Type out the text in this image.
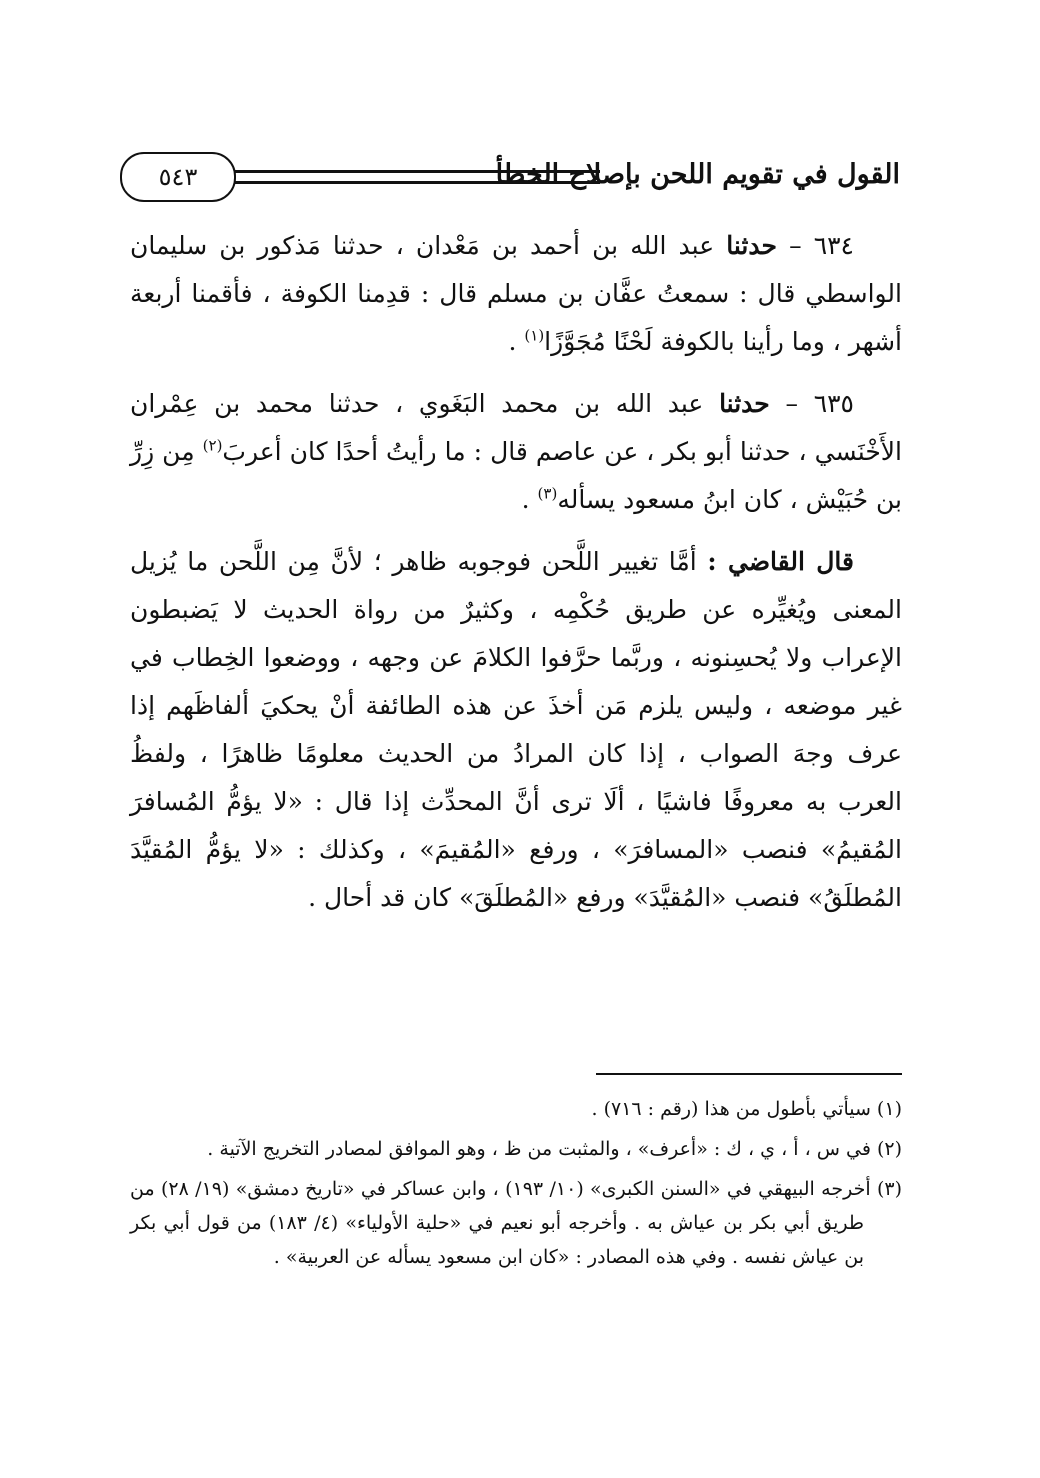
القول في تقويم اللحن بإصلاح الخطأ
٥٤٣

٦٣٤ – حدثنا عبد الله بن أحمد بن مَعْدان ، حدثنا مَذكور بن سليمان الواسطي قال : سمعتُ عفَّان بن مسلم قال : قدِمنا الكوفة ، فأقمنا أربعة أشهر ، وما رأينا بالكوفة لَحْنًا مُجَوَّزًا$^{(١)}$ .

٦٣٥ – حدثنا عبد الله بن محمد البَغَوي ، حدثنا محمد بن عِمْران الأَخْنَسي ، حدثنا أبو بكر ، عن عاصم قال : ما رأيتُ أحدًا كان أعربَ$^{(٢)}$ مِن زِرِّ بن حُبَيْش ، كان ابنُ مسعود يسأله$^{(٣)}$ .

قال القاضي : أمَّا تغيير اللَّحن فوجوبه ظاهر ؛ لأنَّ مِن اللَّحن ما يُزيل المعنى ويُغيِّره عن طريق حُكْمِه ، وكثيرٌ من رواة الحديث لا يَضبطون الإعراب ولا يُحسِنونه ، وربَّما حرَّفوا الكلامَ عن وجهه ، ووضعوا الخِطاب في غير موضعه ، وليس يلزم مَن أخذَ عن هذه الطائفة أنْ يحكيَ ألفاظَهم إذا عرف وجهَ الصواب ، إذا كان المرادُ من الحديث معلومًا ظاهرًا ، ولفظُ العرب به معروفًا فاشيًا ، ألَا ترى أنَّ المحدِّث إذا قال : «لا يؤمُّ المُسافرَ المُقيمُ» فنصب «المسافرَ» ، ورفع «المُقيمَ» ، وكذلك : «لا يؤمُّ المُقيَّدَ المُطلَقُ» فنصب «المُقيَّدَ» ورفع «المُطلَقَ» كان قد أحال .

(١) سيأتي بأطول من هذا (رقم : ٧١٦) .

(٢) في س ، أ ، ي ، ك : «أعرف» ، والمثبت من ظ ، وهو الموافق لمصادر التخريج الآتية .

(٣) أخرجه البيهقي في «السنن الكبرى» (١٠/ ١٩٣) ، وابن عساكر في «تاريخ دمشق» (١٩/ ٢٨) من طريق أبي بكر بن عياش به . وأخرجه أبو نعيم في «حلية الأولياء» (٤/ ١٨٣) من قول أبي بكر بن عياش نفسه . وفي هذه المصادر : «كان ابن مسعود يسأله عن العربية» .
